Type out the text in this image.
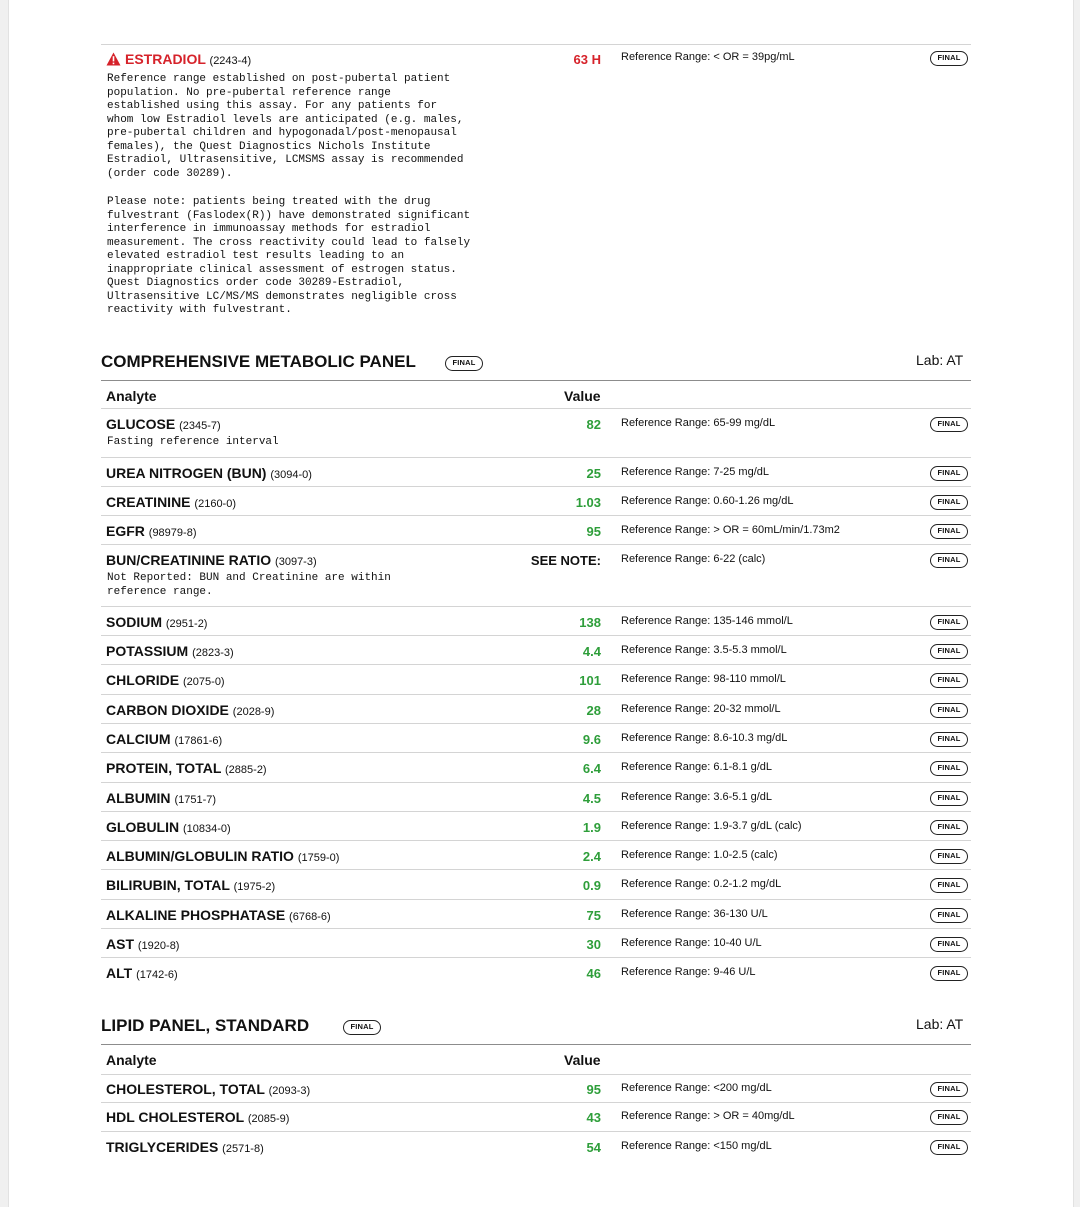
ESTRADIOL (2243-4)	63 H Reference Range: < OR = 39pg/mL	FINAL
Reference range established on post-pubertal patient
population. No pre-pubertal reference range
established using this assay. For any patients for
whom low Estradiol levels are anticipated (e.g. males,
pre-pubertal children and hypogonadal/post-menopausal
females), the Quest Diagnostics Nichols Institute
Estradiol, Ultrasensitive, LCMSMS assay is recommended
(order code 30289).
Please note: patients being treated with the drug
fulvestrant (Faslodex(R)) have demonstrated significant
interference in immunoassay methods for estradiol
measurement. The cross reactivity could lead to falsely
elevated estradiol test results leading to an
inappropriate clinical assessment of estrogen status.
Quest Diagnostics order code 30289-Estradiol,
Ultrasensitive LC/MS/MS demonstrates negligible cross
reactivity with fulvestrant.
COMPREHENSIVE METABOLIC PANEL	FINAL	Lab: AT
Analyte	Value
GLUCOSE (2345-7)	82 Reference Range: 65-99 mg/dL	FINAL
Fasting reference interval
UREA NITROGEN (BUN) (3094-0)	25 Reference Range: 7-25 mg/dL	FINAL
CREATININE (2160-0)	1.03 Reference Range: 0.60-1.26 mg/dL	FINAL
EGFR (98979-8)	95 Reference Range: > OR = 60mL/min/1.73m2	FINAL
BUN/CREATININE RATIO (3097-3)	SEE NOTE: Reference Range: 6-22 (calc)	FINAL
Not Reported: BUN and Creatinine are within
reference range.
SODIUM (2951-2)	138 Reference Range: 135-146 mmol/L	FINAL
POTASSIUM (2823-3)	4.4 Reference Range: 3.5-5.3 mmol/L	FINAL
CHLORIDE (2075-0)	101 Reference Range: 98-110 mmol/L	FINAL
CARBON DIOXIDE (2028-9)	28 Reference Range: 20-32 mmol/L	FINAL
CALCIUM (17861-6)	9.6 Reference Range: 8.6-10.3 mg/dL	FINAL
PROTEIN, TOTAL (2885-2)	6.4 Reference Range: 6.1-8.1 g/dL	FINAL
ALBUMIN (1751-7)	4.5 Reference Range: 3.6-5.1 g/dL	FINAL
GLOBULIN (10834-0)	1.9 Reference Range: 1.9-3.7 g/dL (calc)	FINAL
ALBUMIN/GLOBULIN RATIO (1759-0)	2.4 Reference Range: 1.0-2.5 (calc)	FINAL
BILIRUBIN, TOTAL (1975-2)	0.9 Reference Range: 0.2-1.2 mg/dL	FINAL
ALKALINE PHOSPHATASE (6768-6)	75 Reference Range: 36-130 U/L	FINAL
AST (1920-8)	30 Reference Range: 10-40 U/L	FINAL
ALT (1742-6)	46 Reference Range: 9-46 U/L	FINAL
LIPID PANEL, STANDARD	FINAL	Lab: AT
Analyte	Value
CHOLESTEROL, TOTAL (2093-3)	95 Reference Range: <200 mg/dL	FINAL
HDL CHOLESTEROL (2085-9)	43 Reference Range: > OR = 40mg/dL	FINAL
TRIGLYCERIDES (2571-8)	54 Reference Range: <150 mg/dL	FINAL
